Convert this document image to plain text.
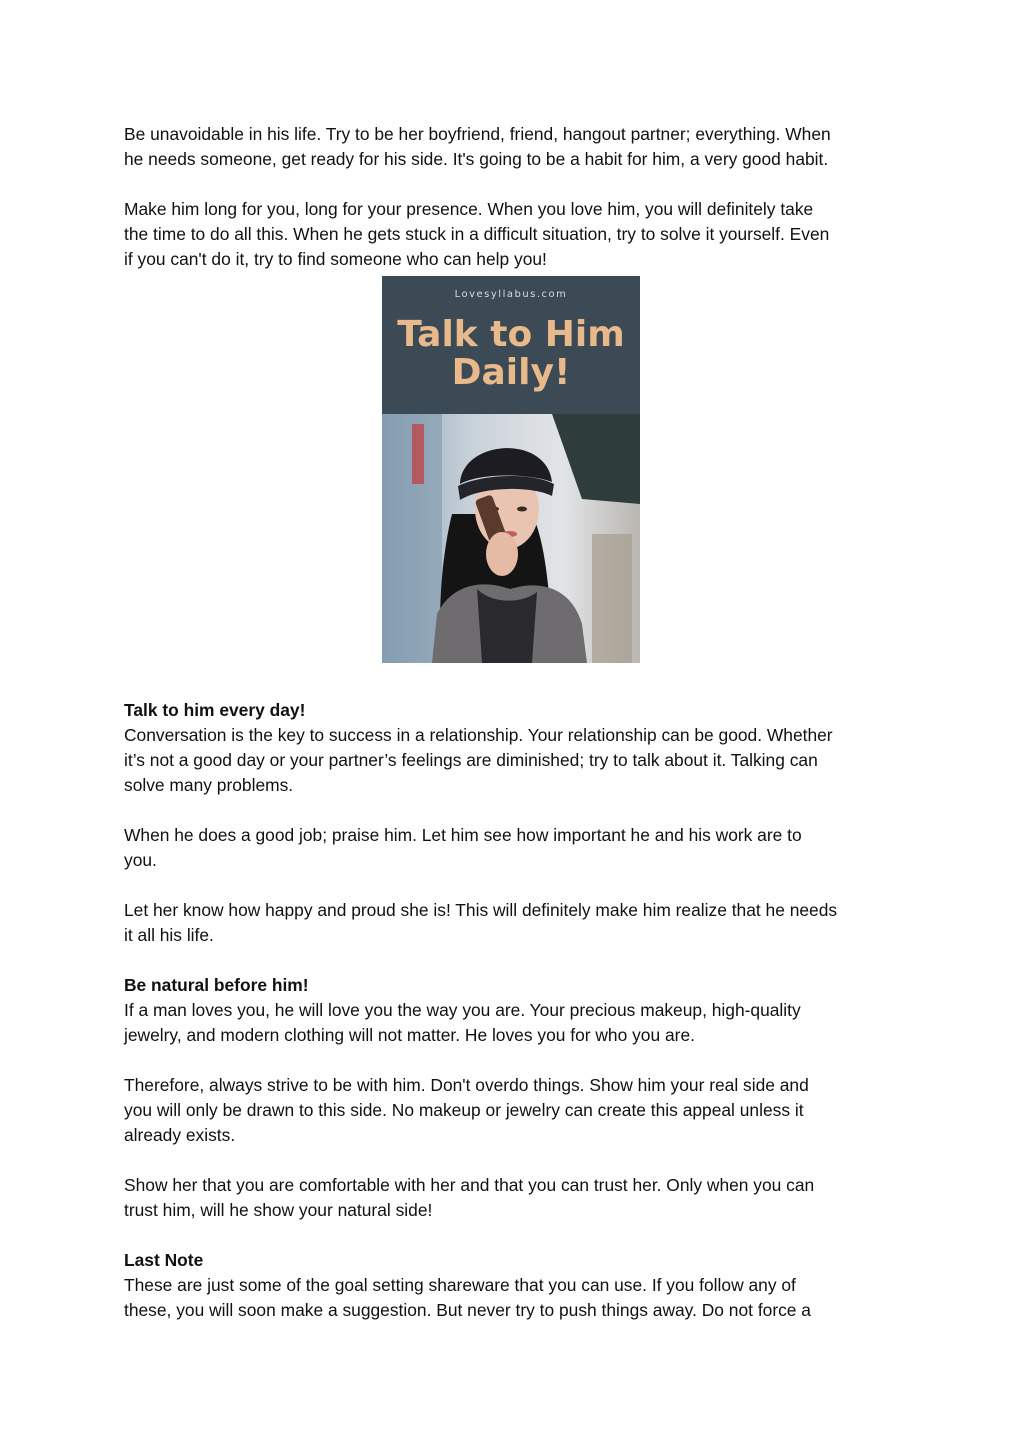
Be unavoidable in his life. Try to be her boyfriend, friend, hangout partner; everything. When
he needs someone, get ready for his side. It's going to be a habit for him, a very good habit.

Make him long for you, long for your presence. When you love him, you will definitely take
the time to do all this. When he gets stuck in a difficult situation, try to solve it yourself. Even
if you can't do it, try to find someone who can help you!

Lovesyllabus.com
Talk to Him
Daily!

Talk to him every day!

Conversation is the key to success in a relationship. Your relationship can be good. Whether
it’s not a good day or your partner’s feelings are diminished; try to talk about it. Talking can
solve many problems.

When he does a good job; praise him. Let him see how important he and his work are to
you.

Let her know how happy and proud she is! This will definitely make him realize that he needs
it all his life.

Be natural before him!

If a man loves you, he will love you the way you are. Your precious makeup, high-quality
jewelry, and modern clothing will not matter. He loves you for who you are.

Therefore, always strive to be with him. Don't overdo things. Show him your real side and
you will only be drawn to this side. No makeup or jewelry can create this appeal unless it
already exists.

Show her that you are comfortable with her and that you can trust her. Only when you can
trust him, will he show your natural side!

Last Note

These are just some of the goal setting shareware that you can use. If you follow any of
these, you will soon make a suggestion. But never try to push things away. Do not force a
